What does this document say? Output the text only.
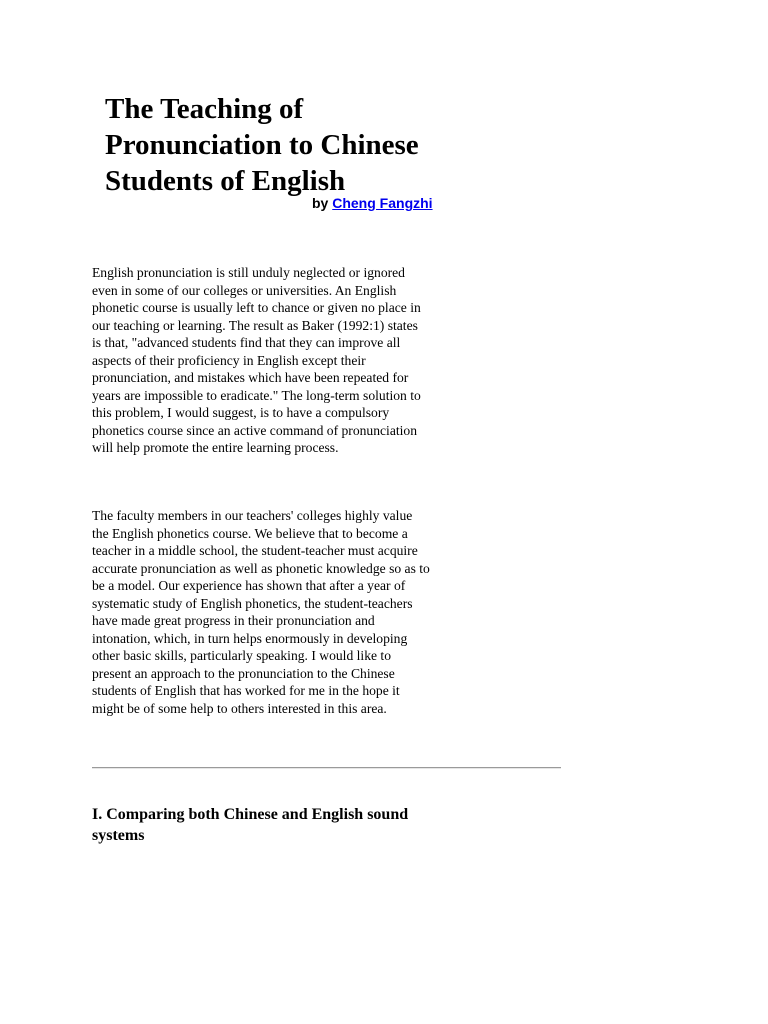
The Teaching of
Pronunciation to Chinese
Students of English
by Cheng Fangzhi

English pronunciation is still unduly neglected or ignored
even in some of our colleges or universities. An English
phonetic course is usually left to chance or given no place in
our teaching or learning. The result as Baker (1992:1) states
is that, "advanced students find that they can improve all
aspects of their proficiency in English except their
pronunciation, and mistakes which have been repeated for
years are impossible to eradicate." The long-term solution to
this problem, I would suggest, is to have a compulsory
phonetics course since an active command of pronunciation
will help promote the entire learning process.

The faculty members in our teachers' colleges highly value
the English phonetics course. We believe that to become a
teacher in a middle school, the student-teacher must acquire
accurate pronunciation as well as phonetic knowledge so as to
be a model. Our experience has shown that after a year of
systematic study of English phonetics, the student-teachers
have made great progress in their pronunciation and
intonation, which, in turn helps enormously in developing
other basic skills, particularly speaking. I would like to
present an approach to the pronunciation to the Chinese
students of English that has worked for me in the hope it
might be of some help to others interested in this area.

I. Comparing both Chinese and English sound
systems
